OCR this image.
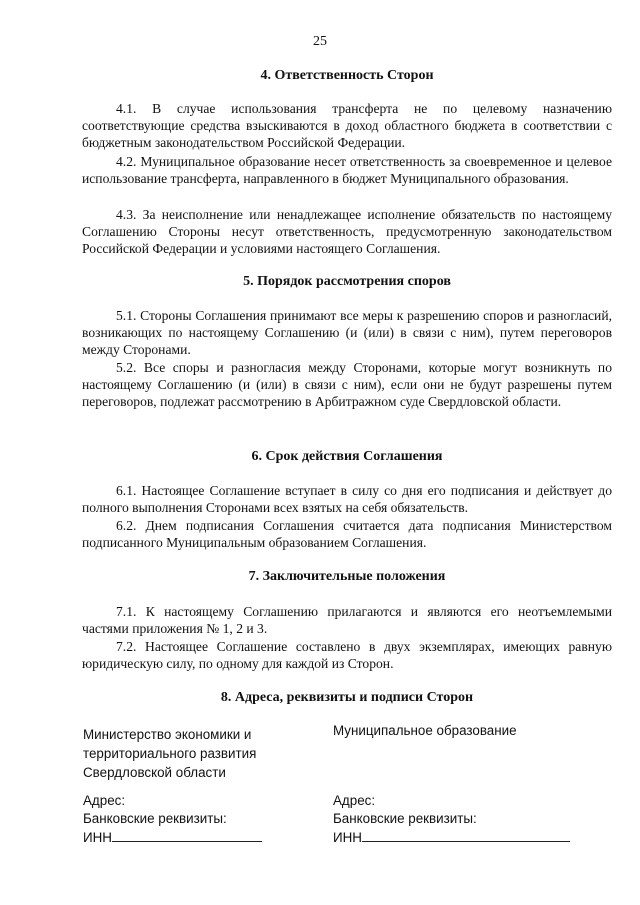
25
4. Ответственность Сторон

4.1. В случае использования трансферта не по целевому назначению соответствующие средства взыскиваются в доход областного бюджета в соответствии с бюджетным законодательством Российской Федерации.

4.2. Муниципальное образование несет ответственность за своевременное и целевое использование трансферта, направленного в бюджет Муниципального образования.

4.3. За неисполнение или ненадлежащее исполнение обязательств по настоящему Соглашению Стороны несут ответственность, предусмотренную законодательством Российской Федерации и условиями настоящего Соглашения.

5. Порядок рассмотрения споров

5.1. Стороны Соглашения принимают все меры к разрешению споров и разногласий, возникающих по настоящему Соглашению (и (или) в связи с ним), путем переговоров между Сторонами.

5.2. Все споры и разногласия между Сторонами, которые могут возникнуть по настоящему Соглашению (и (или) в связи с ним), если они не будут разрешены путем переговоров, подлежат рассмотрению в Арбитражном суде Свердловской области.

6. Срок действия Соглашения

6.1. Настоящее Соглашение вступает в силу со дня его подписания и действует до полного выполнения Сторонами всех взятых на себя обязательств.

6.2. Днем подписания Соглашения считается дата подписания Министерством подписанного Муниципальным образованием Соглашения.

7. Заключительные положения

7.1. К настоящему Соглашению прилагаются и являются его неотъемлемыми частями приложения № 1, 2 и 3.

7.2. Настоящее Соглашение составлено в двух экземплярах, имеющих равную юридическую силу, по одному для каждой из Сторон.

8. Адреса, реквизиты и подписи Сторон
Министерство экономики и
территориального развития
Свердловской области
Адрес:
Банковские реквизиты:
ИНН
Муниципальное образование
Адрес:
Банковские реквизиты:
ИНН
